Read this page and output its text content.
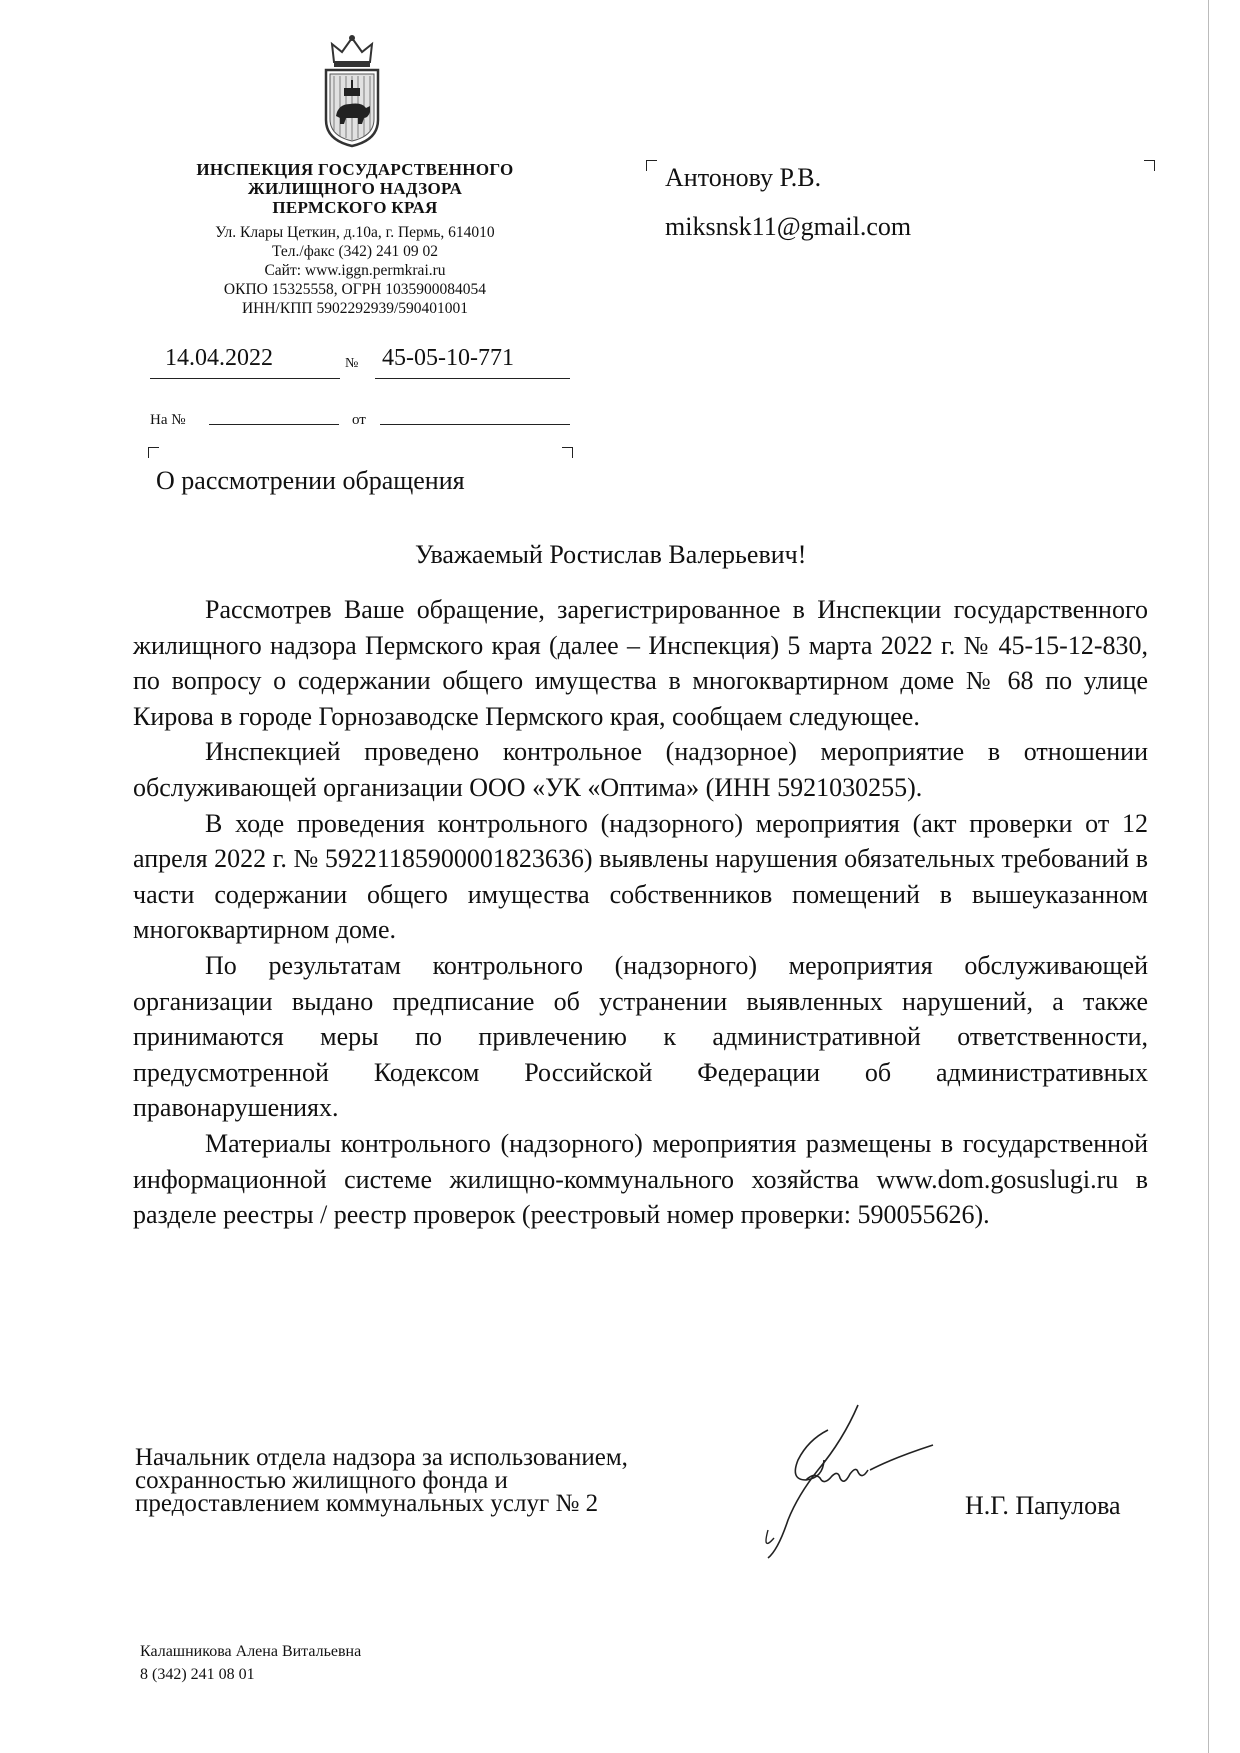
ИНСПЕКЦИЯ ГОСУДАРСТВЕННОГО
ЖИЛИЩНОГО НАДЗОРА
ПЕРМСКОГО КРАЯ
Ул. Клары Цеткин, д.10а, г. Пермь, 614010
Тел./факс (342) 241 09 02
Сайт: www.iggn.permkrai.ru
ОКПО 15325558, ОГРН 1035900084054
ИНН/КПП 5902292939/590401001
14.04.2022	№ 45-05-10-771
На №	от
О рассмотрении обращения
Антонову Р.В.
miksnsk11@gmail.com
Уважаемый Ростислав Валерьевич!

Рассмотрев Ваше обращение, зарегистрированное в Инспекции государственного жилищного надзора Пермского края (далее – Инспекция) 5 марта 2022 г. № 45-15-12-830, по вопросу о содержании общего имущества в многоквартирном доме № 68 по улице Кирова в городе Горнозаводске Пермского края, сообщаем следующее.

Инспекцией проведено контрольное (надзорное) мероприятие в отношении обслуживающей организации ООО «УК «Оптима» (ИНН 5921030255).

В ходе проведения контрольного (надзорного) мероприятия (акт проверки от 12 апреля 2022 г. № 59221185900001823636) выявлены нарушения обязательных требований в части содержании общего имущества собственников помещений в вышеуказанном многоквартирном доме.

По результатам контрольного (надзорного) мероприятия обслуживающей организации выдано предписание об устранении выявленных нарушений, а также принимаются меры по привлечению к административной ответственности, предусмотренной Кодексом Российской Федерации об административных правонарушениях.

Материалы контрольного (надзорного) мероприятия размещены в государственной информационной системе жилищно-коммунального хозяйства www.dom.gosuslugi.ru в разделе реестры / реестр проверок (реестровый номер проверки: 590055626).

Начальник отдела надзора за использованием,
сохранностью жилищного фонда и
предоставлением коммунальных услуг № 2	Н.Г. Папулова
Калашникова Алена Витальевна
8 (342) 241 08 01
